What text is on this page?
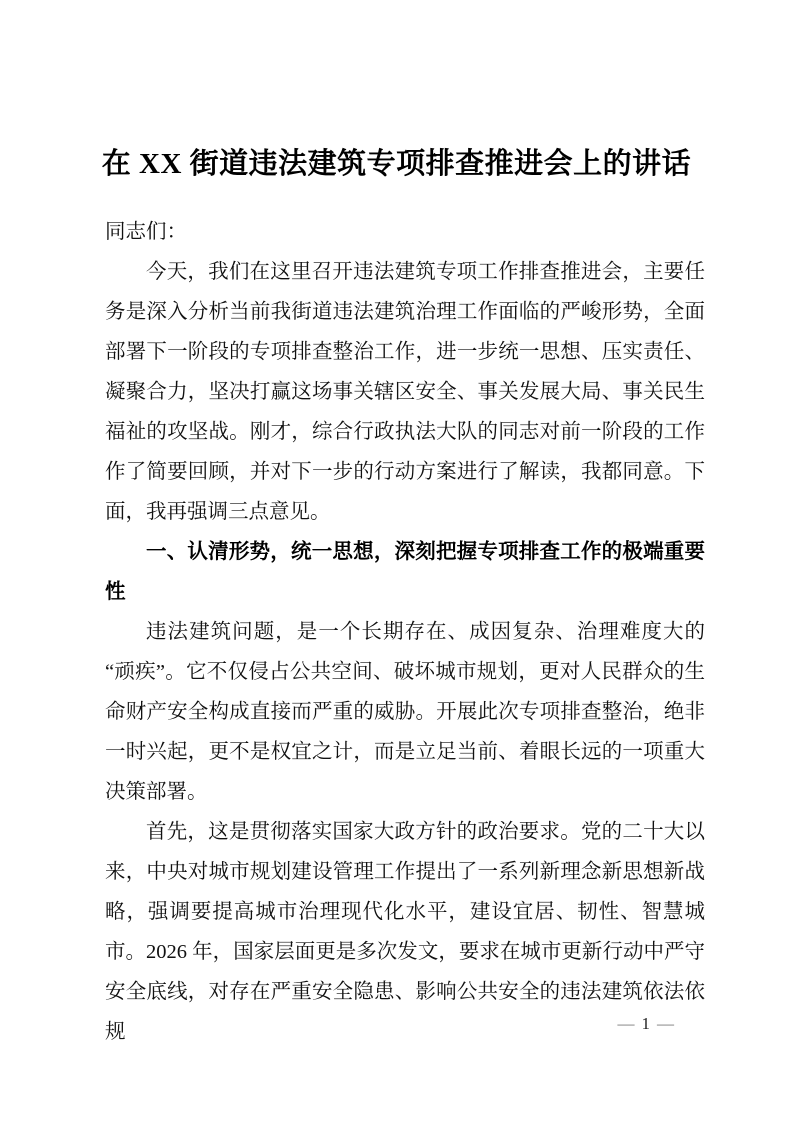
在 XX 街道违法建筑专项排查推进会上的讲话

同志们：

今天，我们在这里召开违法建筑专项工作排查推进会，主要任务是深入分析当前我街道违法建筑治理工作面临的严峻形势，全面部署下一阶段的专项排查整治工作，进一步统一思想、压实责任、凝聚合力，坚决打赢这场事关辖区安全、事关发展大局、事关民生福祉的攻坚战。刚才，综合行政执法大队的同志对前一阶段的工作作了简要回顾，并对下一步的行动方案进行了解读，我都同意。下面，我再强调三点意见。

一、认清形势，统一思想，深刻把握专项排查工作的极端重要性

违法建筑问题，是一个长期存在、成因复杂、治理难度大的“顽疾”。它不仅侵占公共空间、破坏城市规划，更对人民群众的生命财产安全构成直接而严重的威胁。开展此次专项排查整治，绝非一时兴起，更不是权宜之计，而是立足当前、着眼长远的一项重大决策部署。

首先，这是贯彻落实国家大政方针的政治要求。党的二十大以来，中央对城市规划建设管理工作提出了一系列新理念新思想新战略，强调要提高城市治理现代化水平，建设宜居、韧性、智慧城市。2026 年，国家层面更是多次发文，要求在城市更新行动中严守安全底线，对存在严重安全隐患、影响公共安全的违法建筑依法依规	— 1 —
